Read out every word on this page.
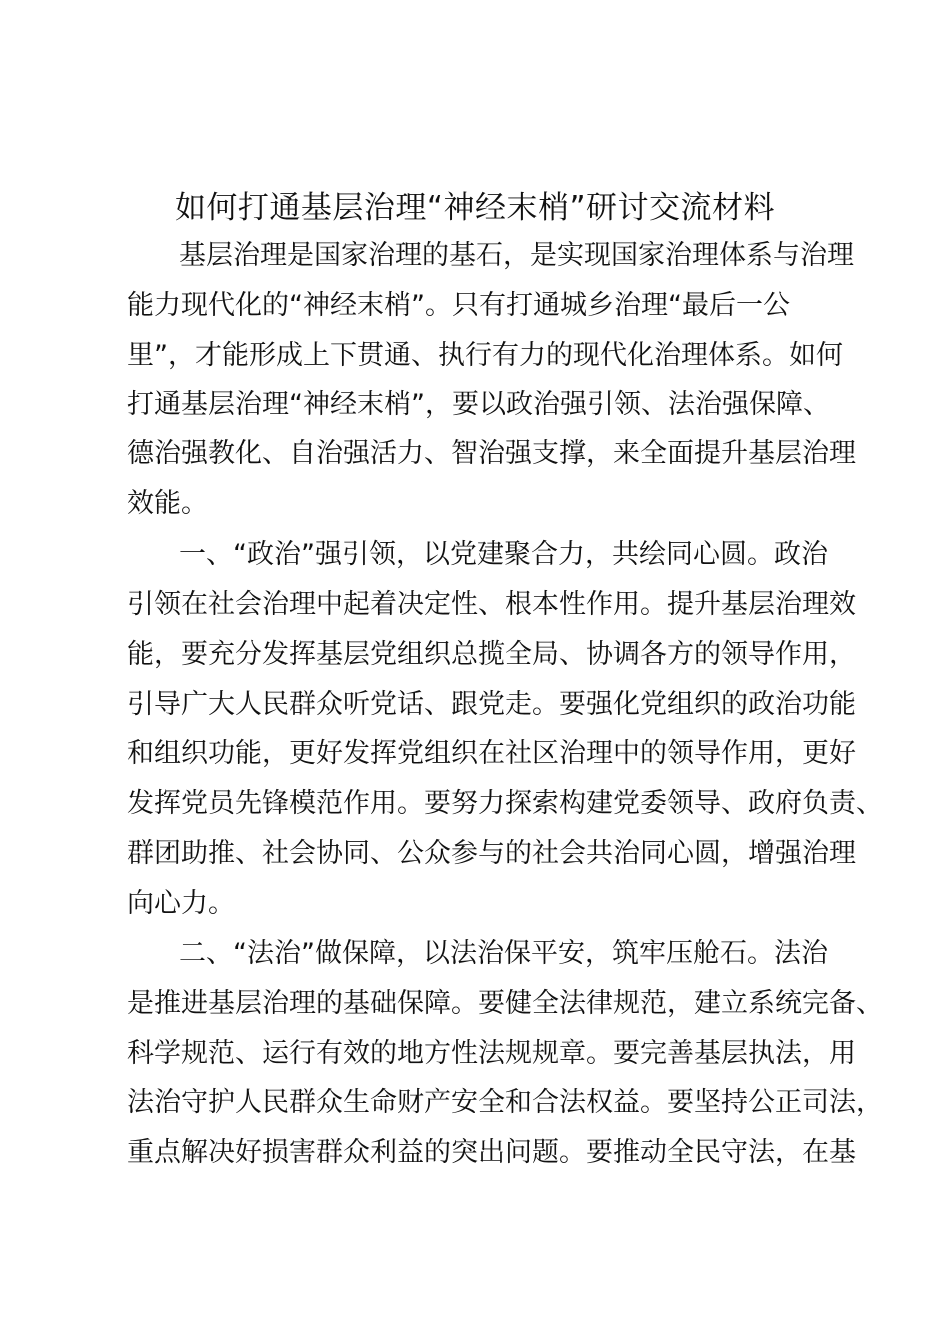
如何打通基层治理“神经末梢”研讨交流材料
基层治理是国家治理的基石，是实现国家治理体系与治理
能力现代化的“神经末梢”。只有打通城乡治理“最后一公
里”，才能形成上下贯通、执行有力的现代化治理体系。如何
打通基层治理“神经末梢”，要以政治强引领、法治强保障、
德治强教化、自治强活力、智治强支撑，来全面提升基层治理
效能。
一、“政治”强引领，以党建聚合力，共绘同心圆。政治
引领在社会治理中起着决定性、根本性作用。提升基层治理效
能，要充分发挥基层党组织总揽全局、协调各方的领导作用，
引导广大人民群众听党话、跟党走。要强化党组织的政治功能
和组织功能，更好发挥党组织在社区治理中的领导作用，更好
发挥党员先锋模范作用。要努力探索构建党委领导、政府负责、
群团助推、社会协同、公众参与的社会共治同心圆，增强治理
向心力。
二、“法治”做保障，以法治保平安，筑牢压舱石。法治
是推进基层治理的基础保障。要健全法律规范，建立系统完备、
科学规范、运行有效的地方性法规规章。要完善基层执法，用
法治守护人民群众生命财产安全和合法权益。要坚持公正司法，
重点解决好损害群众利益的突出问题。要推动全民守法，在基
